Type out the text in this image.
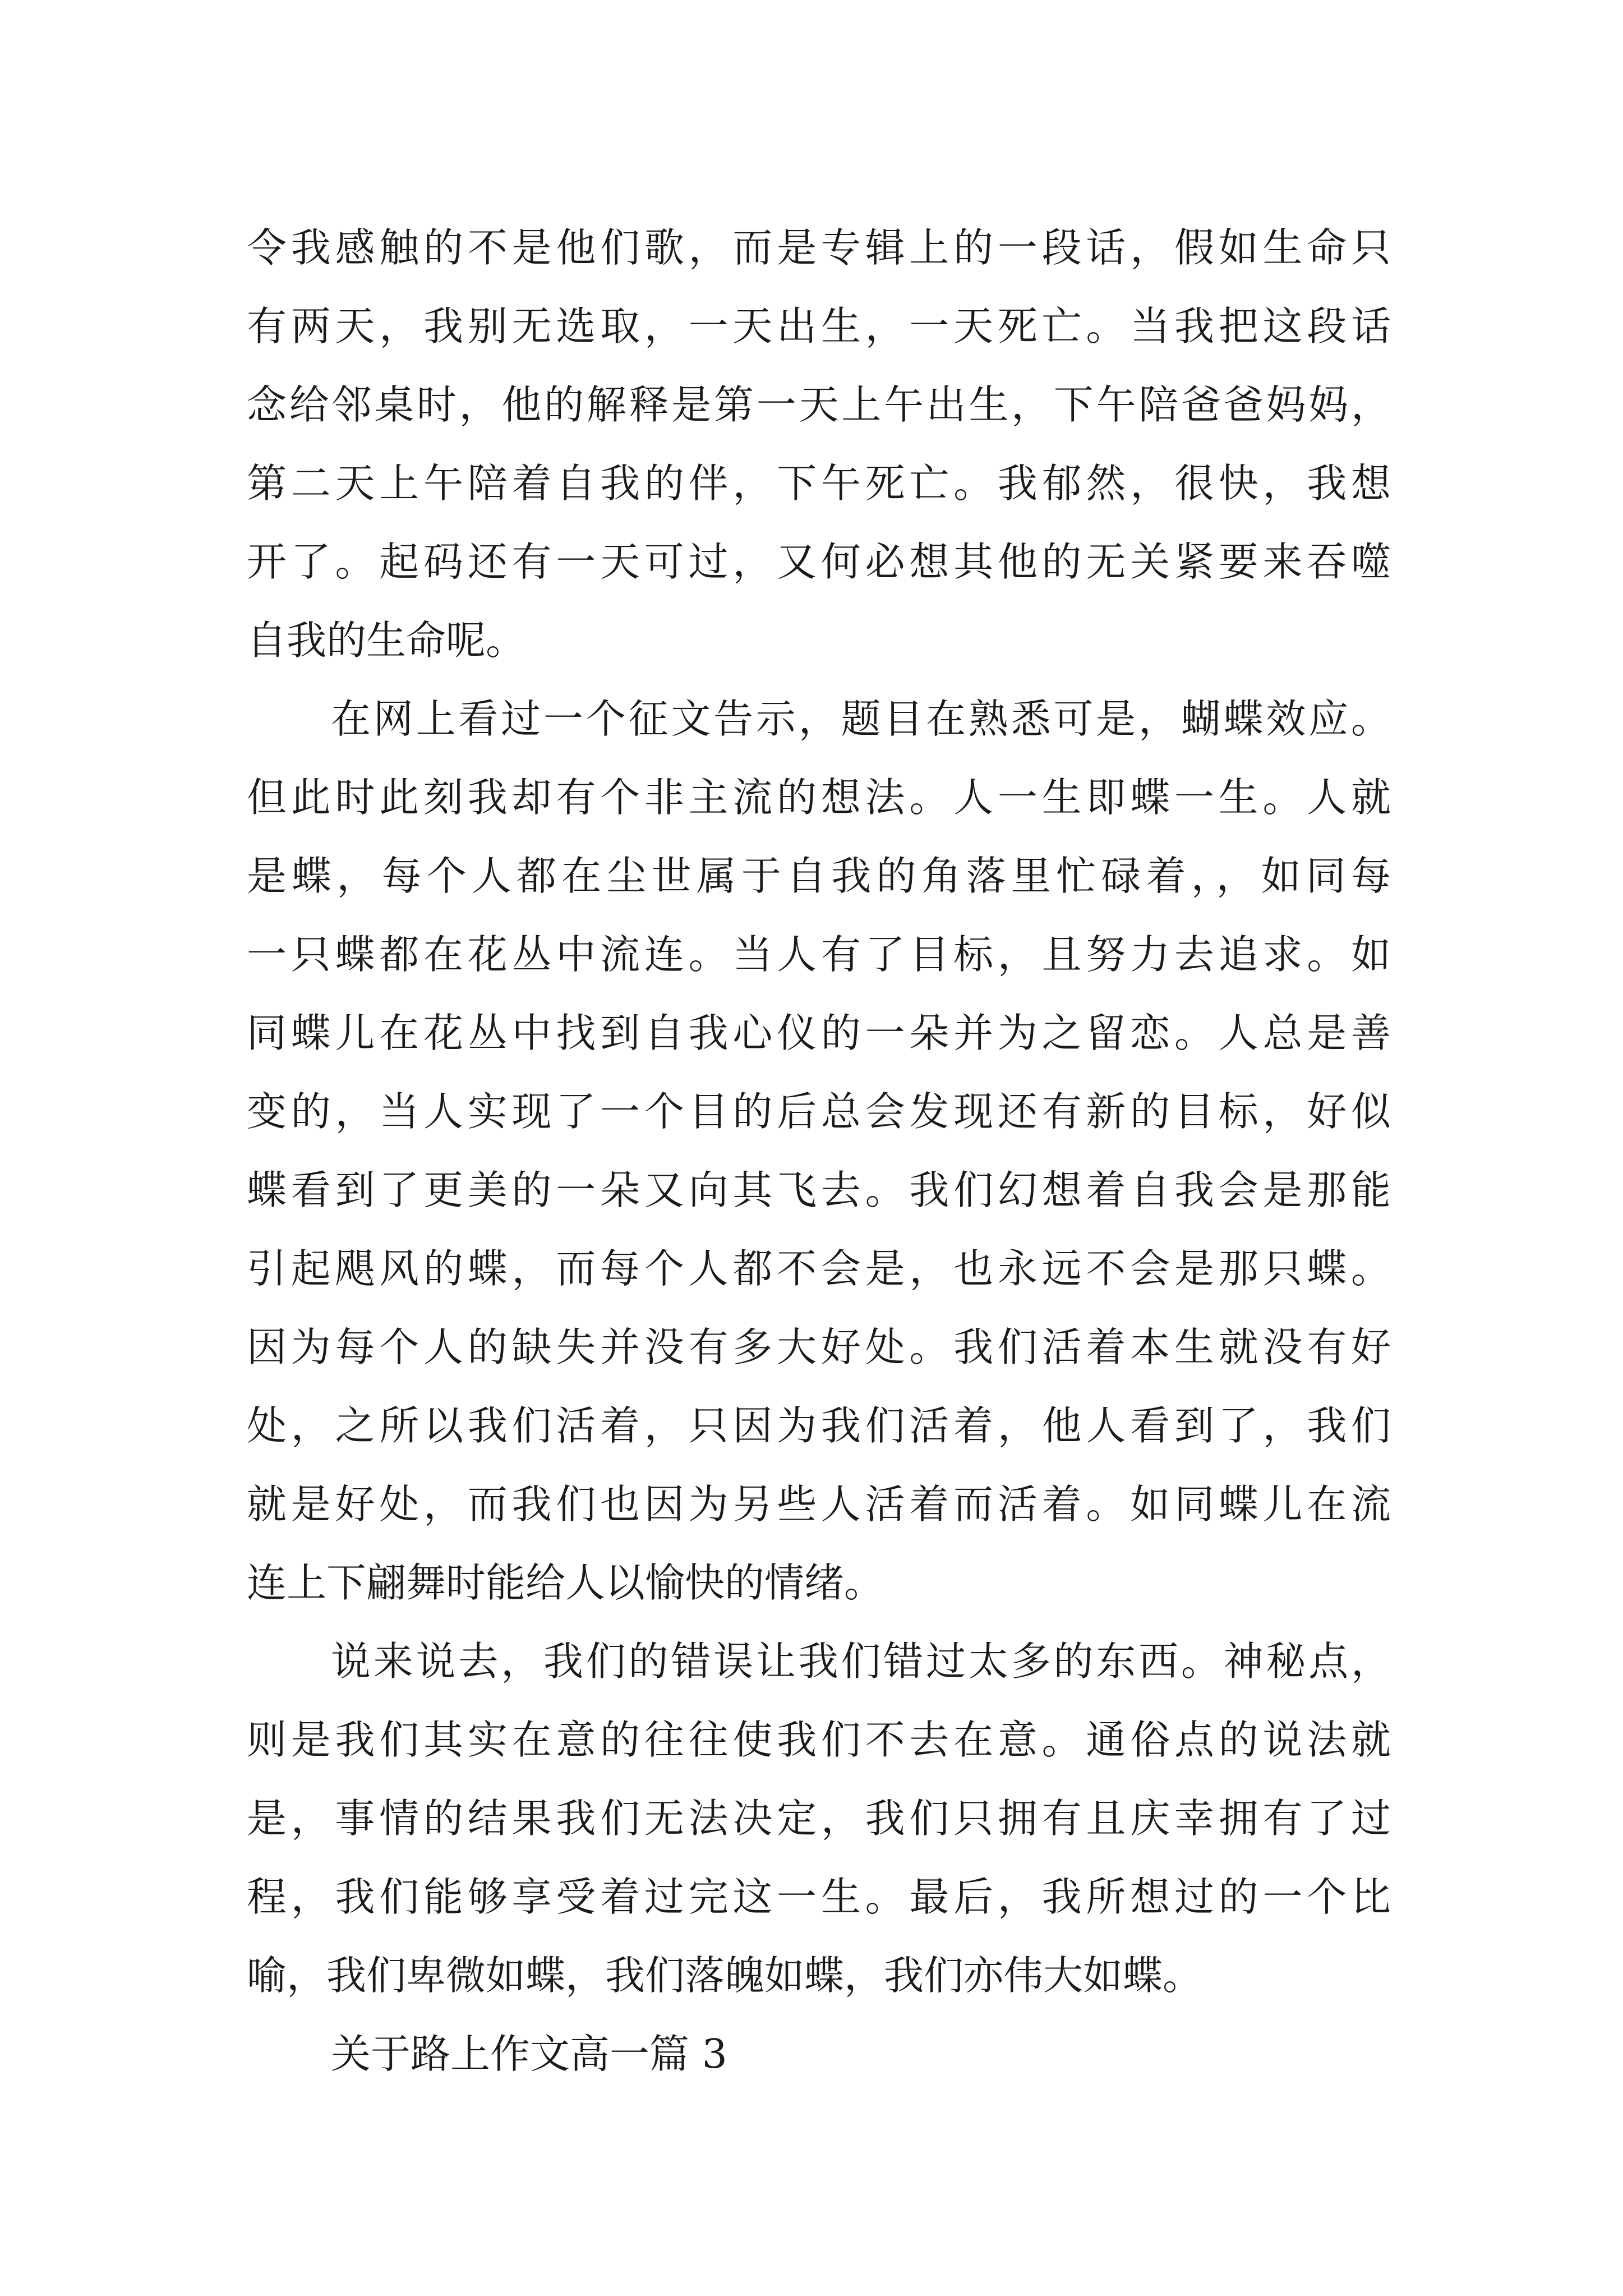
令我感触的不是他们歌，而是专辑上的一段话，假如生命只
有两天，我别无选取，一天出生，一天死亡。当我把这段话
念给邻桌时，他的解释是第一天上午出生，下午陪爸爸妈妈，
第二天上午陪着自我的伴，下午死亡。我郁然，很快，我想
开了。起码还有一天可过，又何必想其他的无关紧要来吞噬
自我的生命呢。

在网上看过一个征文告示，题目在熟悉可是，蝴蝶效应。
但此时此刻我却有个非主流的想法。人一生即蝶一生。人就
是蝶，每个人都在尘世属于自我的角落里忙碌着，，如同每
一只蝶都在花丛中流连。当人有了目标，且努力去追求。如
同蝶儿在花丛中找到自我心仪的一朵并为之留恋。人总是善
变的，当人实现了一个目的后总会发现还有新的目标，好似
蝶看到了更美的一朵又向其飞去。我们幻想着自我会是那能
引起飓风的蝶，而每个人都不会是，也永远不会是那只蝶。
因为每个人的缺失并没有多大好处。我们活着本生就没有好
处，之所以我们活着，只因为我们活着，他人看到了，我们
就是好处，而我们也因为另些人活着而活着。如同蝶儿在流
连上下翩舞时能给人以愉快的情绪。

说来说去，我们的错误让我们错过太多的东西。神秘点，
则是我们其实在意的往往使我们不去在意。通俗点的说法就
是，事情的结果我们无法决定，我们只拥有且庆幸拥有了过
程，我们能够享受着过完这一生。最后，我所想过的一个比
喻，我们卑微如蝶，我们落魄如蝶，我们亦伟大如蝶。

关于路上作文高一篇 3
